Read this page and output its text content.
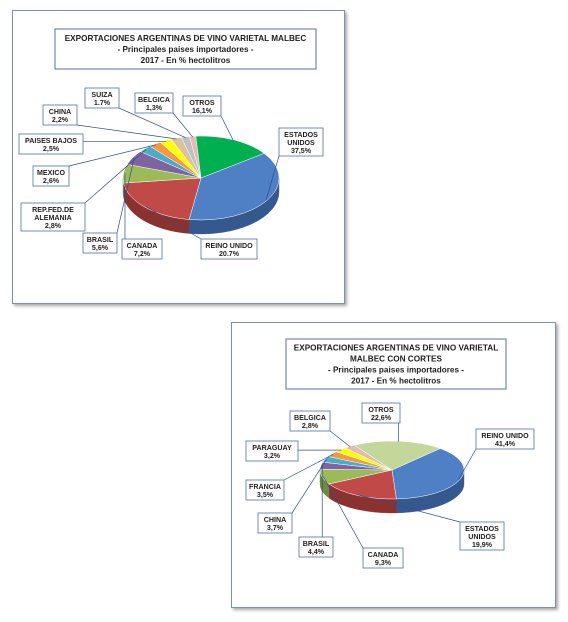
EXPORTACIONES ARGENTINAS DE VINO VARIETAL MALBEC
- Principales paises importadores -
2017 - En % hectolitros
ESTADOS
UNIDOS
37,5%
REINO UNIDO
20.7%
CANADA
7,2%
BRASIL
5,6%
REP.FED.DE
ALEMANIA
2,8%
MEXICO
2,6%
PAISES BAJOS
2,5%
CHINA
2,2%
SUIZA
1.7%	BELGICA
1,3%
OTROS
16,1%
EXPORTACIONES ARGENTINAS DE VINO VARIETAL
MALBEC CON CORTES
- Principales paises importadores -
2017 - En % hectolitros
REINO UNIDO
41,4%
ESTADOS
UNIDOS
19,9%
CANADA
9,3%
BRASIL
4,4%
CHINA
3,7%
FRANCIA
3,5%
PARAGUAY
3,2%
BELGICA
2,8%
OTROS
22,6%
